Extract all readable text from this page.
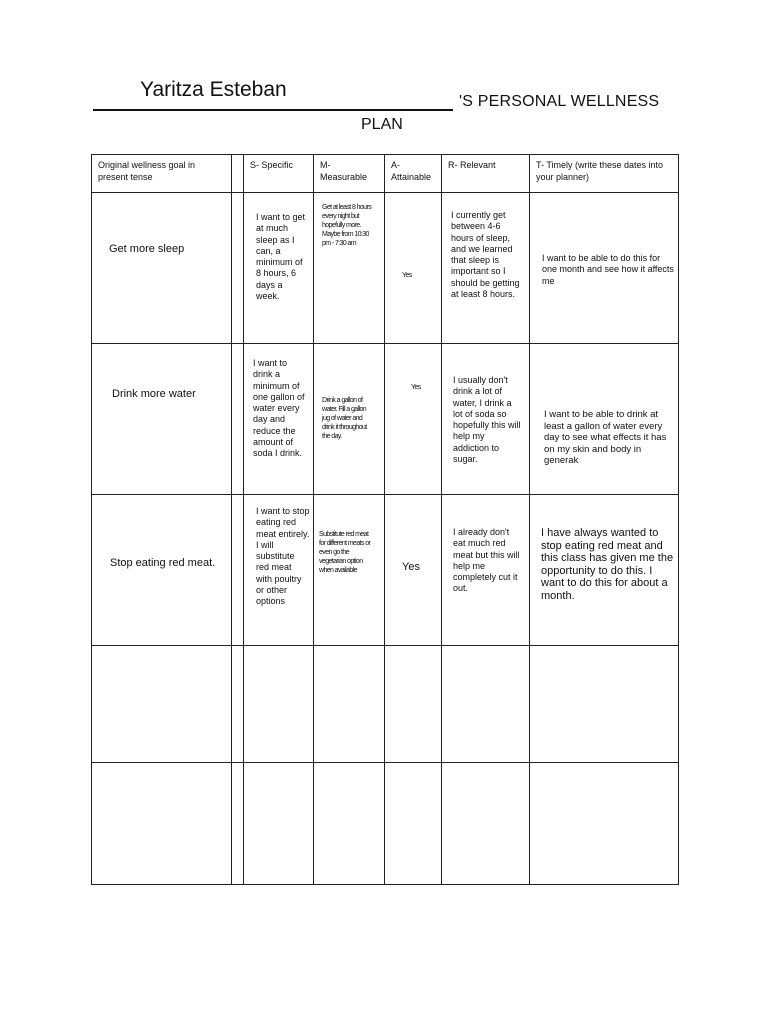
Yaritza Esteban
'S PERSONAL WELLNESS
PLAN
Original wellness goal in present tense		S- Specific	M- Measurable	A- Attainable	R- Relevant	T- Timely (write these dates into your planner)

Get more sleep		I want to get at much sleep as I can, a minimum of 8 hours, 6 days a week.	Get at least 8 hours every night but hopefully more. Maybe from 10:30 pm - 7:30 am	Yes	I currently get between 4-6 hours of sleep, and we learned that sleep is important so I should be getting at least 8 hours.	I want to be able to do this for one month and see how it affects me

Drink more water		I want to drink a minimum of one gallon of water every day and reduce the amount of soda I drink.	Drink a gallon of water. Fill a gallon jug of water and drink it throughout the day.	Yes	I usually don't drink a lot of water, I drink a lot of soda so hopefully this will help my addiction to sugar.	I want to be able to drink at least a gallon of water every day to see what effects it has on my skin and body in generak

Stop eating red meat.		I want to stop eating red meat entirely. I will substitute red meat with poultry or other options	Substitute red meat for different meats or even go the vegetarian option when available	Yes	I already don't eat much red meat but this will help me completely cut it out.	I have always wanted to stop eating red meat and this class has given me the opportunity to do this. I want to do this for about a month.
